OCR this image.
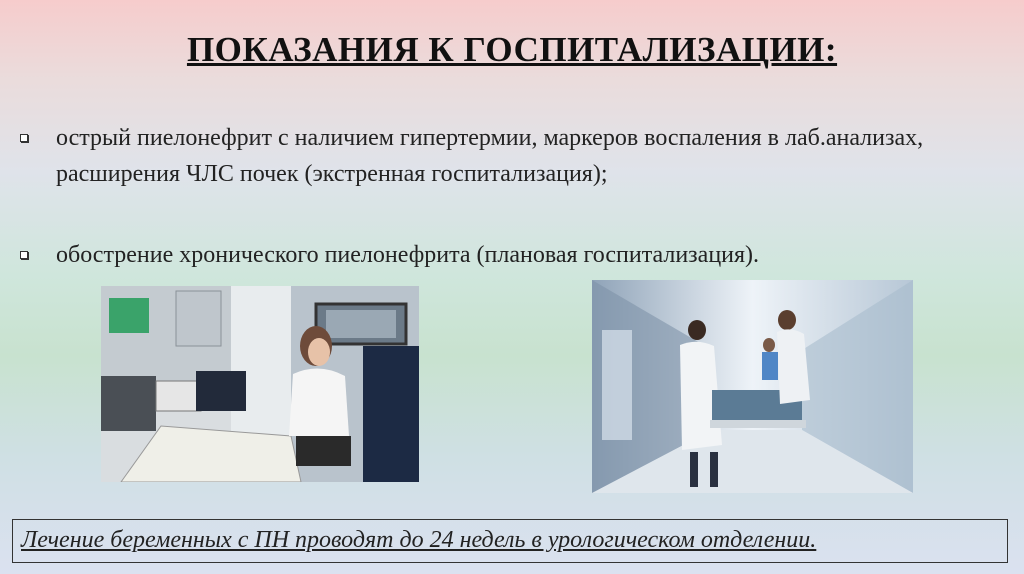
ПОКАЗАНИЯ К ГОСПИТАЛИЗАЦИИ:
острый пиелонефрит с наличием гипертермии, маркеров воспаления в лаб.анализах, расширения ЧЛС почек (экстренная госпитализация);
обострение хронического пиелонефрита (плановая госпитализация).
Лечение беременных с ПН проводят до 24 недель в урологическом отделении.
